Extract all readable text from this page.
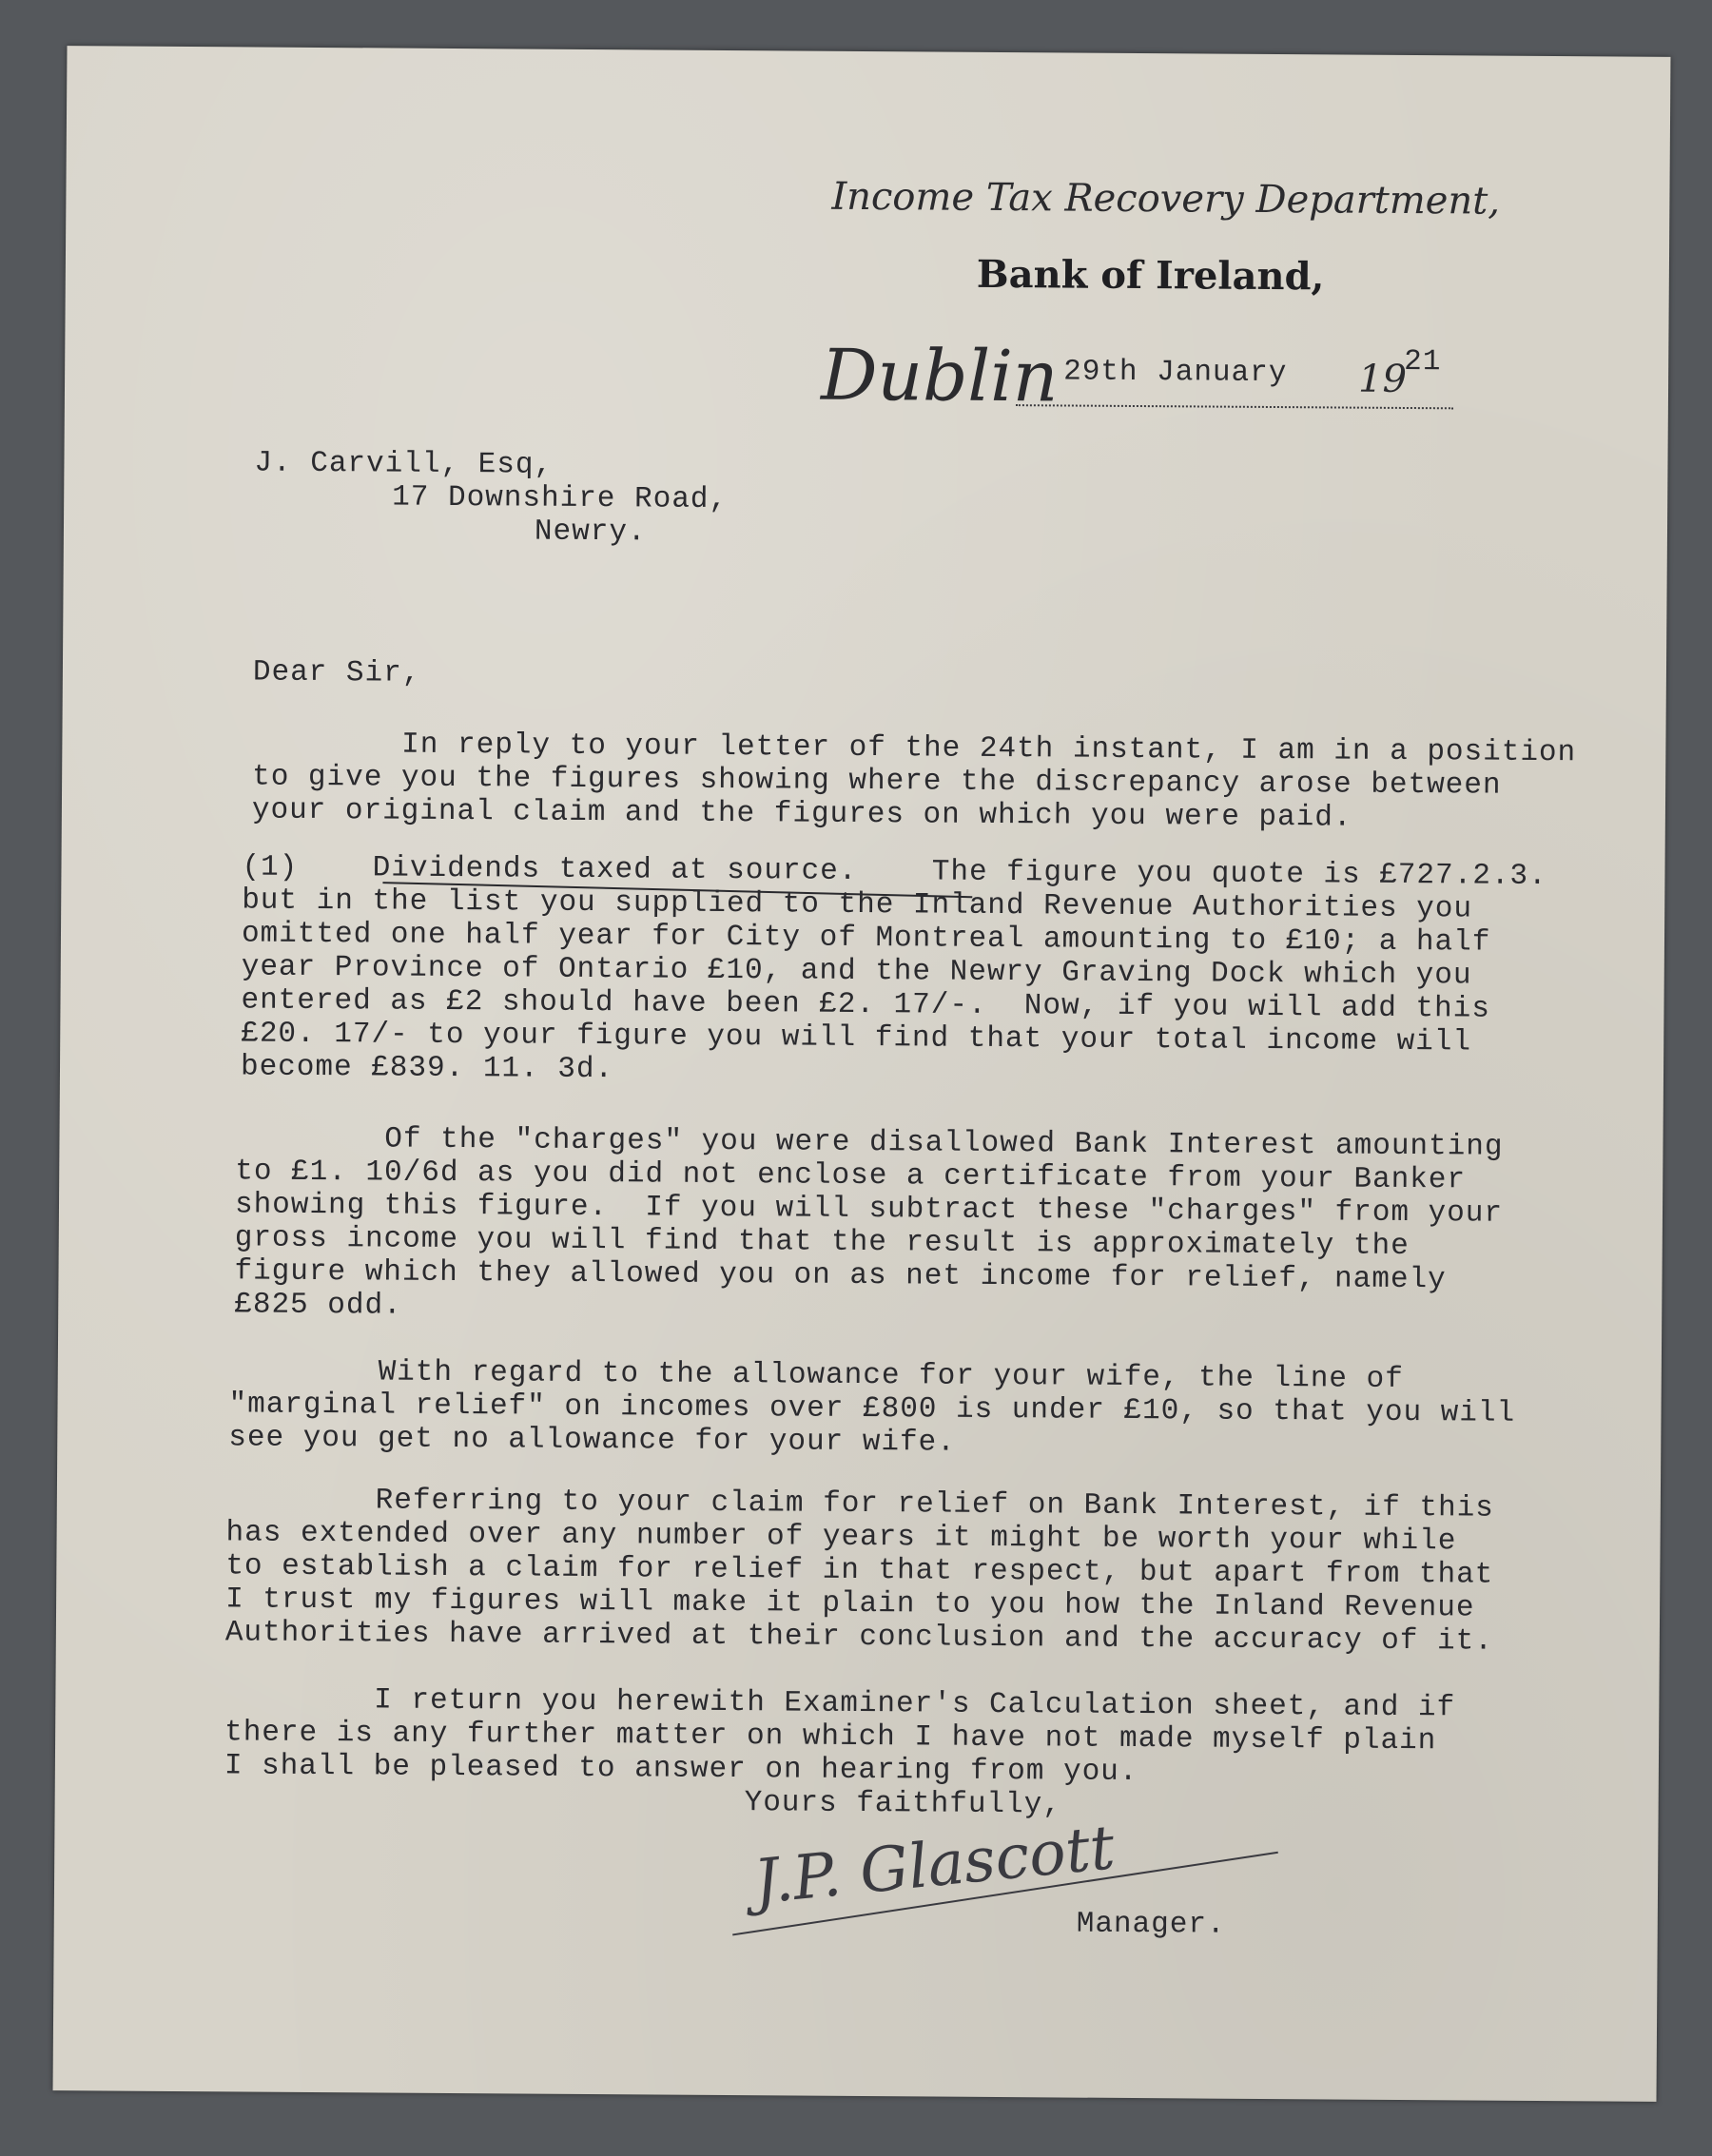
Income Tax Recovery Department,
Bank of Ireland,
Dublin 29th January 19
21
J. Carvill, Esq,
17 Downshire Road,
Newry.
Dear Sir,
In reply to your letter of the 24th instant, I am in a position
to give you the figures showing where the discrepancy arose between
your original claim and the figures on which you were paid.
(1)    Dividends taxed at source.    The figure you quote is £727.2.3.
but in the list you supplied to the Inland Revenue Authorities you
omitted one half year for City of Montreal amounting to £10; a half
year Province of Ontario £10, and the Newry Graving Dock which you
entered as £2 should have been £2. 17/-.  Now, if you will add this
£20. 17/- to your figure you will find that your total income will
become £839. 11. 3d.
Of the "charges" you were disallowed Bank Interest amounting
to £1. 10/6d as you did not enclose a certificate from your Banker
showing this figure.  If you will subtract these "charges" from your
gross income you will find that the result is approximately the
figure which they allowed you on as net income for relief, namely
£825 odd.
With regard to the allowance for your wife, the line of
"marginal relief" on incomes over £800 is under £10, so that you will
see you get no allowance for your wife.
Referring to your claim for relief on Bank Interest, if this
has extended over any number of years it might be worth your while
to establish a claim for relief in that respect, but apart from that
I trust my figures will make it plain to you how the Inland Revenue
Authorities have arrived at their conclusion and the accuracy of it.
I return you herewith Examiner's Calculation sheet, and if
there is any further matter on which I have not made myself plain
I shall be pleased to answer on hearing from you.
Yours faithfully,
J.P. Glascott
Manager.
